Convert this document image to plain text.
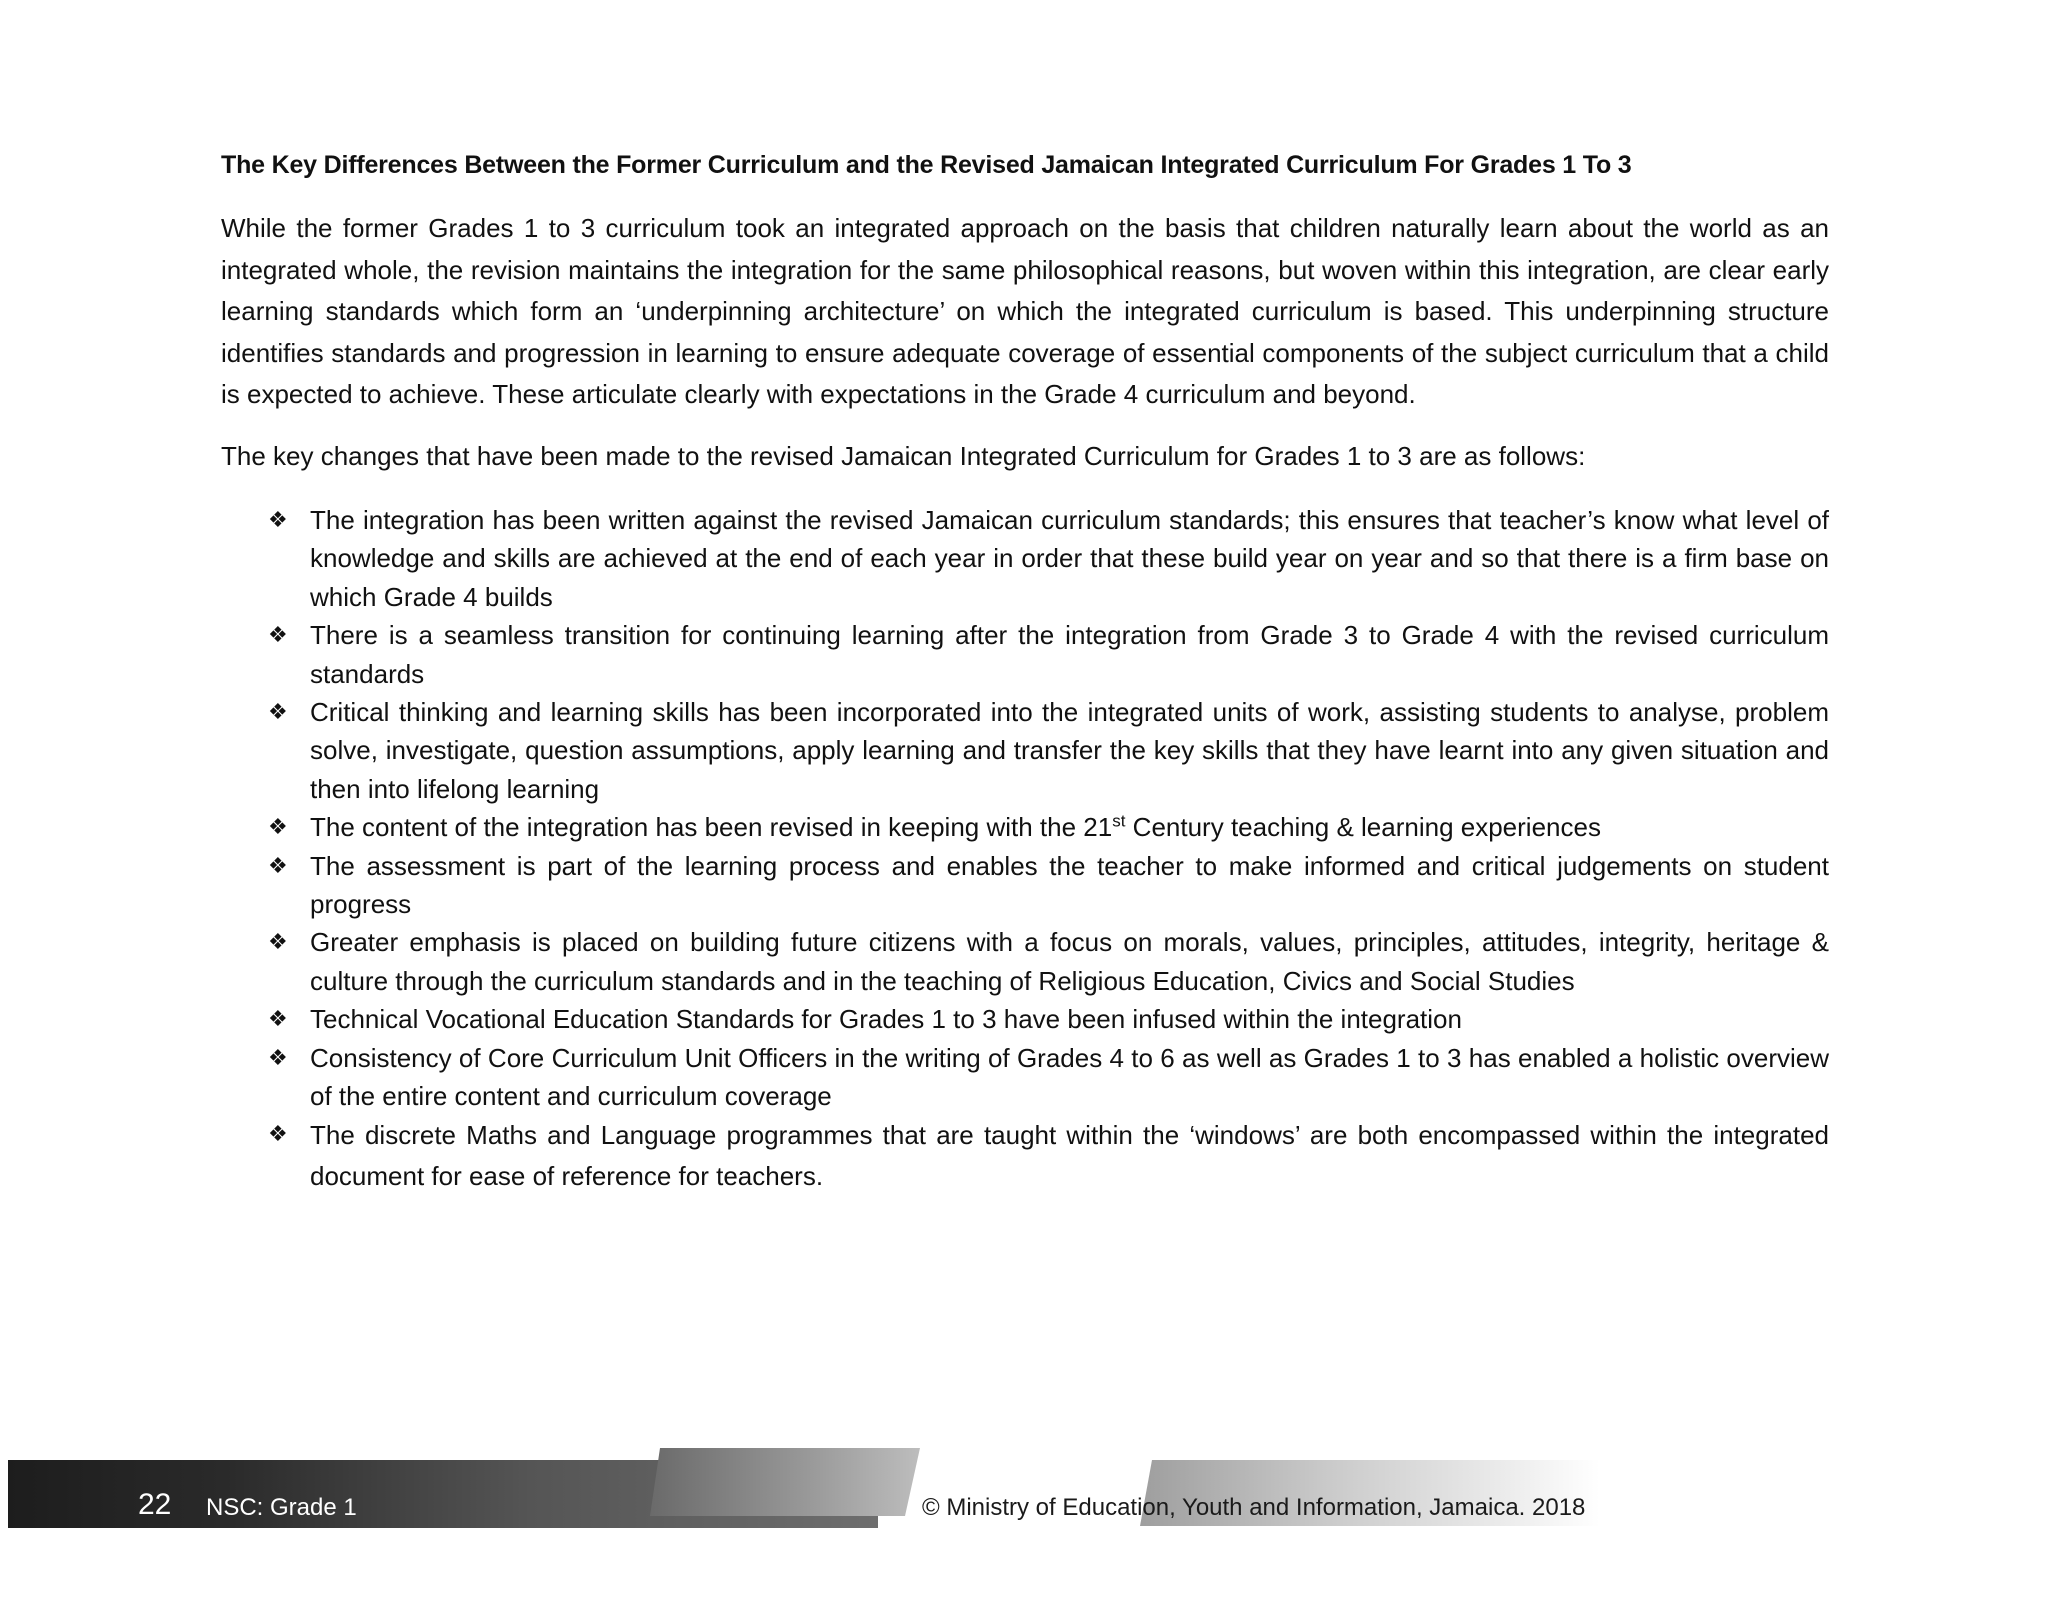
The Key Differences Between the Former Curriculum and the Revised Jamaican Integrated Curriculum For Grades 1 To 3

While the former Grades 1 to 3 curriculum took an integrated approach on the basis that children naturally learn about the world as an integrated whole, the revision maintains the integration for the same philosophical reasons, but woven within this integration, are clear early learning standards which form an ‘underpinning architecture’ on which the integrated curriculum is based. This underpinning structure identifies standards and progression in learning to ensure adequate coverage of essential components of the subject curriculum that a child is expected to achieve. These articulate clearly with expectations in the Grade 4 curriculum and beyond.

The key changes that have been made to the revised Jamaican Integrated Curriculum for Grades 1 to 3 are as follows:
❖ The integration has been written against the revised Jamaican curriculum standards; this ensures that teacher’s know what level of knowledge and skills are achieved at the end of each year in order that these build year on year and so that there is a firm base on which Grade 4 builds
❖ There is a seamless transition for continuing learning after the integration from Grade 3 to Grade 4 with the revised curriculum standards
❖ Critical thinking and learning skills has been incorporated into the integrated units of work, assisting students to analyse, problem solve, investigate, question assumptions, apply learning and transfer the key skills that they have learnt into any given situation and then into lifelong learning
❖ The content of the integration has been revised in keeping with the 21st Century teaching & learning experiences
❖ The assessment is part of the learning process and enables the teacher to make informed and critical judgements on student progress
❖ Greater emphasis is placed on building future citizens with a focus on morals, values, principles, attitudes, integrity, heritage & culture through the curriculum standards and in the teaching of Religious Education, Civics and Social Studies
❖ Technical Vocational Education Standards for Grades 1 to 3 have been infused within the integration
❖ Consistency of Core Curriculum Unit Officers in the writing of Grades 4 to 6 as well as Grades 1 to 3 has enabled a holistic overview of the entire content and curriculum coverage
❖ The discrete Maths and Language programmes that are taught within the ‘windows’ are both encompassed within the integrated document for ease of reference for teachers.
22 NSC: Grade 1	© Ministry of Education, Youth and Information, Jamaica. 2018
